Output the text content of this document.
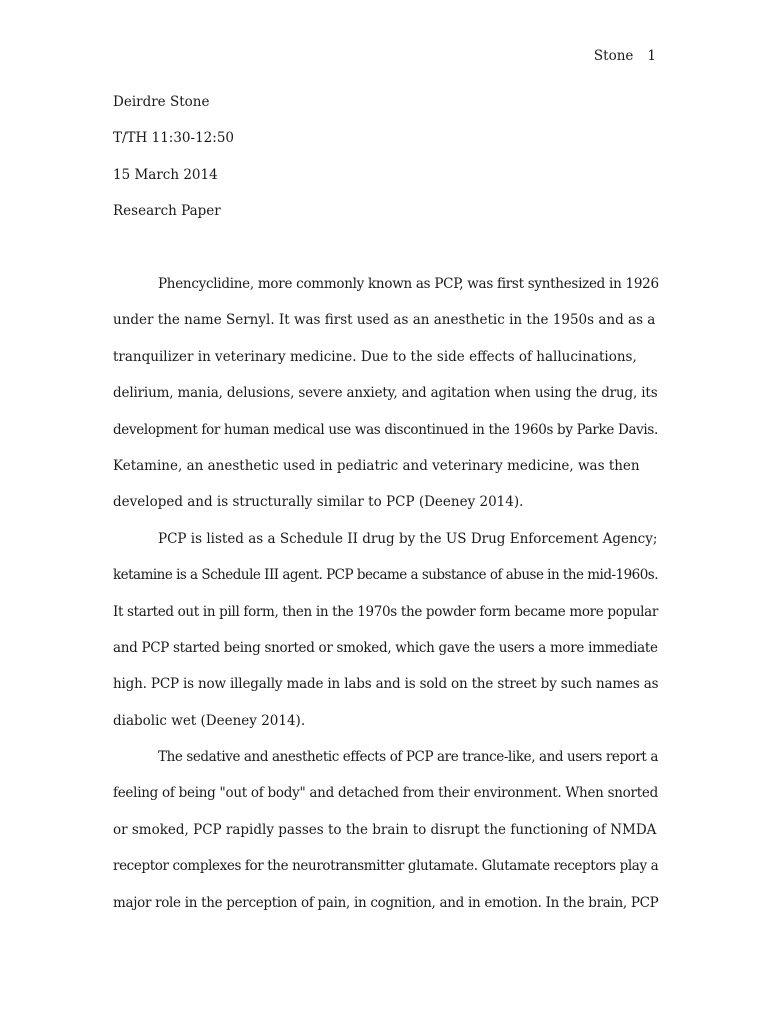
Stone 1
Deirdre Stone
T/TH 11:30-12:50
15 March 2014
Research Paper
Phencyclidine, more commonly known as PCP, was first synthesized in 1926
under the name Sernyl. It was first used as an anesthetic in the 1950s and as a
tranquilizer in veterinary medicine. Due to the side effects of hallucinations,
delirium, mania, delusions, severe anxiety, and agitation when using the drug, its
development for human medical use was discontinued in the 1960s by Parke Davis.
Ketamine, an anesthetic used in pediatric and veterinary medicine, was then
developed and is structurally similar to PCP (Deeney 2014).
PCP is listed as a Schedule II drug by the US Drug Enforcement Agency;
ketamine is a Schedule III agent. PCP became a substance of abuse in the mid-1960s.
It started out in pill form, then in the 1970s the powder form became more popular
and PCP started being snorted or smoked, which gave the users a more immediate
high. PCP is now illegally made in labs and is sold on the street by such names as
diabolic wet (Deeney 2014).
The sedative and anesthetic effects of PCP are trance-like, and users report a
feeling of being "out of body" and detached from their environment. When snorted
or smoked, PCP rapidly passes to the brain to disrupt the functioning of NMDA
receptor complexes for the neurotransmitter glutamate. Glutamate receptors play a
major role in the perception of pain, in cognition, and in emotion. In the brain, PCP
